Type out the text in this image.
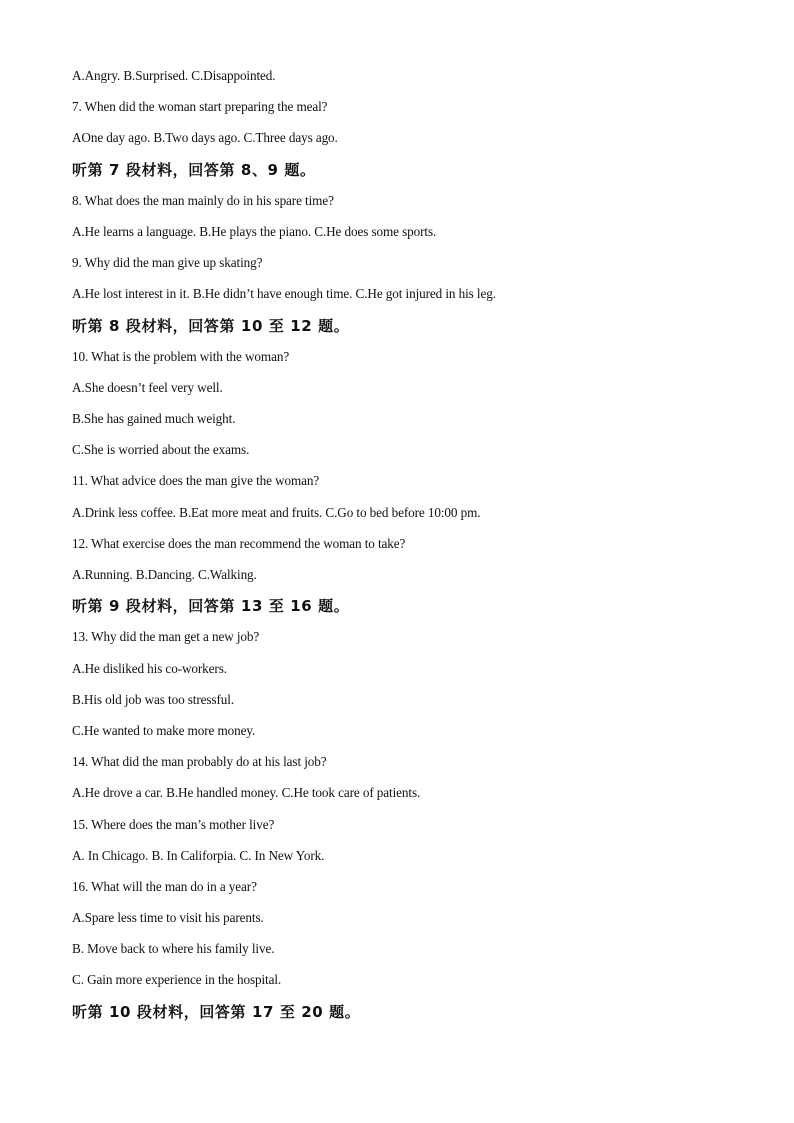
A.Angry. B.Surprised. C.Disappointed.
7. When did the woman start preparing the meal?
AOne day ago. B.Two days ago. C.Three days ago.
听第 7 段材料，回答第 8、9 题。
8. What does the man mainly do in his spare time?
A.He learns a language. B.He plays the piano. C.He does some sports.
9. Why did the man give up skating?
A.He lost interest in it. B.He didn’t have enough time. C.He got injured in his leg.
听第 8 段材料，回答第 10 至 12 题。
10. What is the problem with the woman?
A.She doesn’t feel very well.
B.She has gained much weight.
C.She is worried about the exams.
11. What advice does the man give the woman?
A.Drink less coffee. B.Eat more meat and fruits. C.Go to bed before 10:00 pm.
12. What exercise does the man recommend the woman to take?
A.Running. B.Dancing. C.Walking.
听第 9 段材料，回答第 13 至 16 题。
13. Why did the man get a new job?
A.He disliked his co-workers.
B.His old job was too stressful.
C.He wanted to make more money.
14. What did the man probably do at his last job?
A.He drove a car. B.He handled money. C.He took care of patients.
15. Where does the man’s mother live?
A. In Chicago. B. In Califorpia. C. In New York.
16. What will the man do in a year?
A.Spare less time to visit his parents.
B. Move back to where his family live.
C. Gain more experience in the hospital.
听第 10 段材料，回答第 17 至 20 题。
